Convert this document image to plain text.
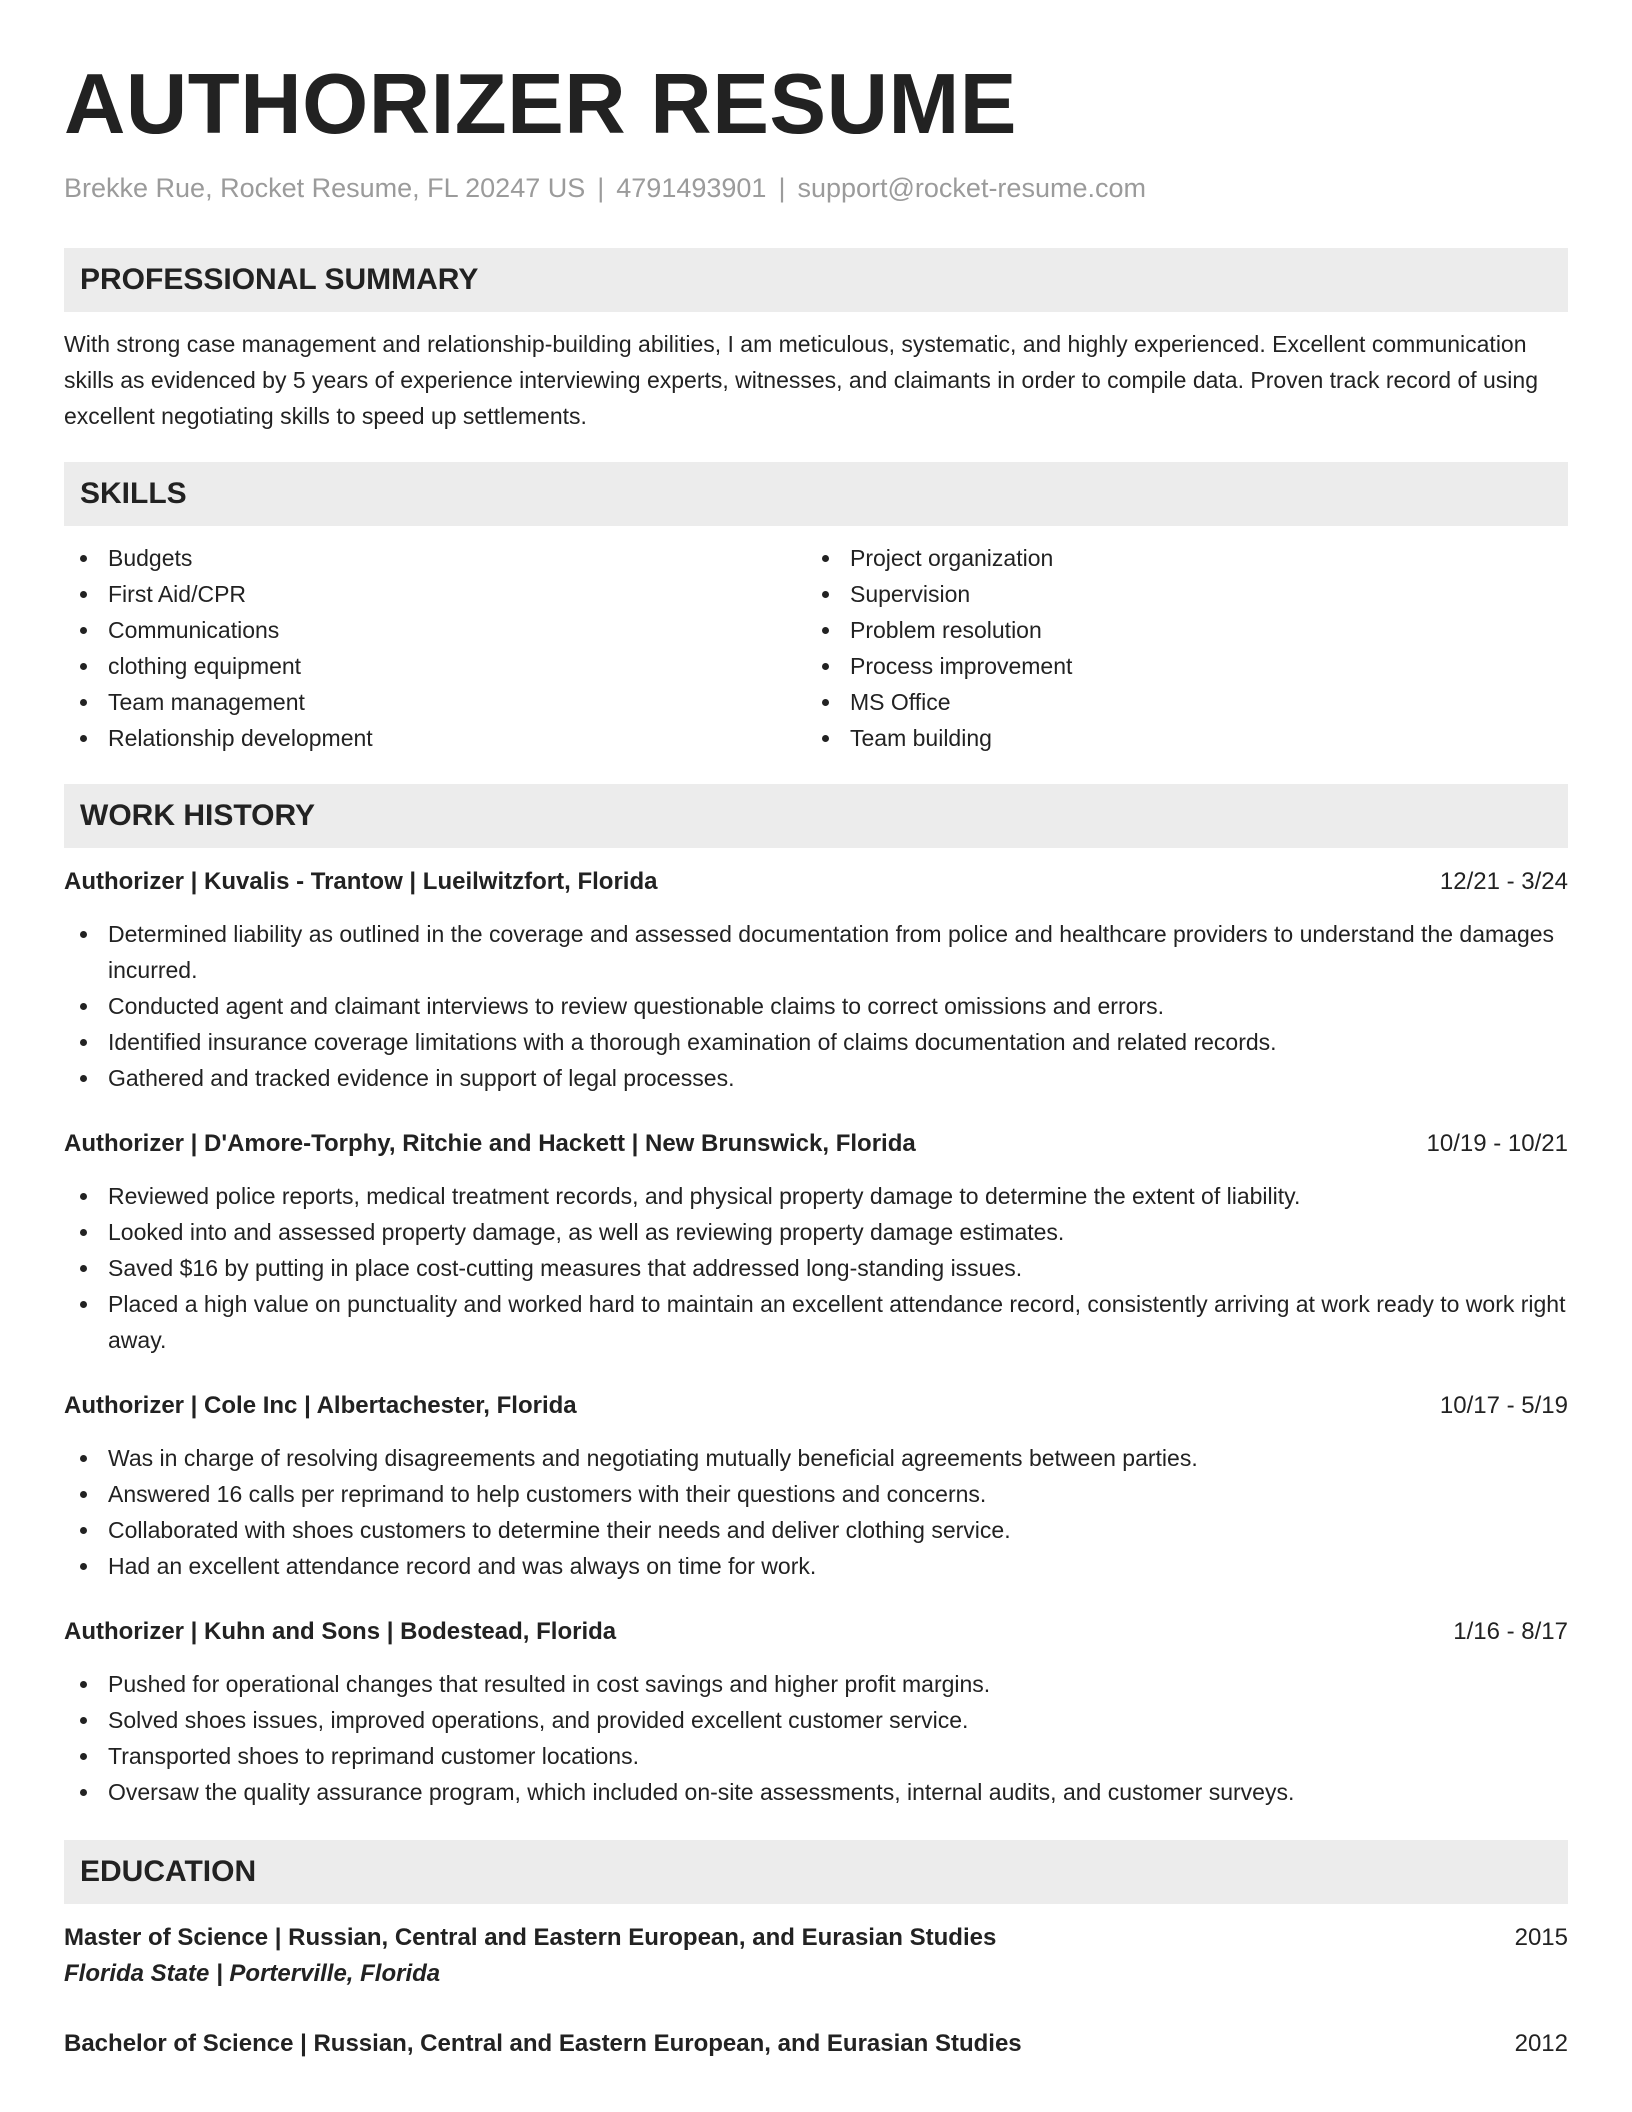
AUTHORIZER RESUME
Brekke Rue, Rocket Resume, FL 20247 US | 4791493901 | support@rocket-resume.com
PROFESSIONAL SUMMARY

With strong case management and relationship-building abilities, I am meticulous, systematic, and highly experienced. Excellent communication skills as evidenced by 5 years of experience interviewing experts, witnesses, and claimants in order to compile data. Proven track record of using excellent negotiating skills to speed up settlements.

SKILLS
Budgets
First Aid/CPR
Communications
clothing equipment
Team management
Relationship development
Project organization
Supervision
Problem resolution
Process improvement
MS Office
Team building
WORK HISTORY
Authorizer | Kuvalis - Trantow | Lueilwitzfort, Florida	12/21 - 3/24
Determined liability as outlined in the coverage and assessed documentation from police and healthcare providers to understand the damages incurred.
Conducted agent and claimant interviews to review questionable claims to correct omissions and errors.
Identified insurance coverage limitations with a thorough examination of claims documentation and related records.
Gathered and tracked evidence in support of legal processes.
Authorizer | D'Amore-Torphy, Ritchie and Hackett | New Brunswick, Florida	10/19 - 10/21
Reviewed police reports, medical treatment records, and physical property damage to determine the extent of liability.
Looked into and assessed property damage, as well as reviewing property damage estimates.
Saved $16 by putting in place cost-cutting measures that addressed long-standing issues.
Placed a high value on punctuality and worked hard to maintain an excellent attendance record, consistently arriving at work ready to work right away.
Authorizer | Cole Inc | Albertachester, Florida	10/17 - 5/19
Was in charge of resolving disagreements and negotiating mutually beneficial agreements between parties.
Answered 16 calls per reprimand to help customers with their questions and concerns.
Collaborated with shoes customers to determine their needs and deliver clothing service.
Had an excellent attendance record and was always on time for work.
Authorizer | Kuhn and Sons | Bodestead, Florida	1/16 - 8/17
Pushed for operational changes that resulted in cost savings and higher profit margins.
Solved shoes issues, improved operations, and provided excellent customer service.
Transported shoes to reprimand customer locations.
Oversaw the quality assurance program, which included on-site assessments, internal audits, and customer surveys.
EDUCATION
Master of Science | Russian, Central and Eastern European, and Eurasian Studies	2015
Florida State | Porterville, Florida
Bachelor of Science | Russian, Central and Eastern European, and Eurasian Studies	2012
